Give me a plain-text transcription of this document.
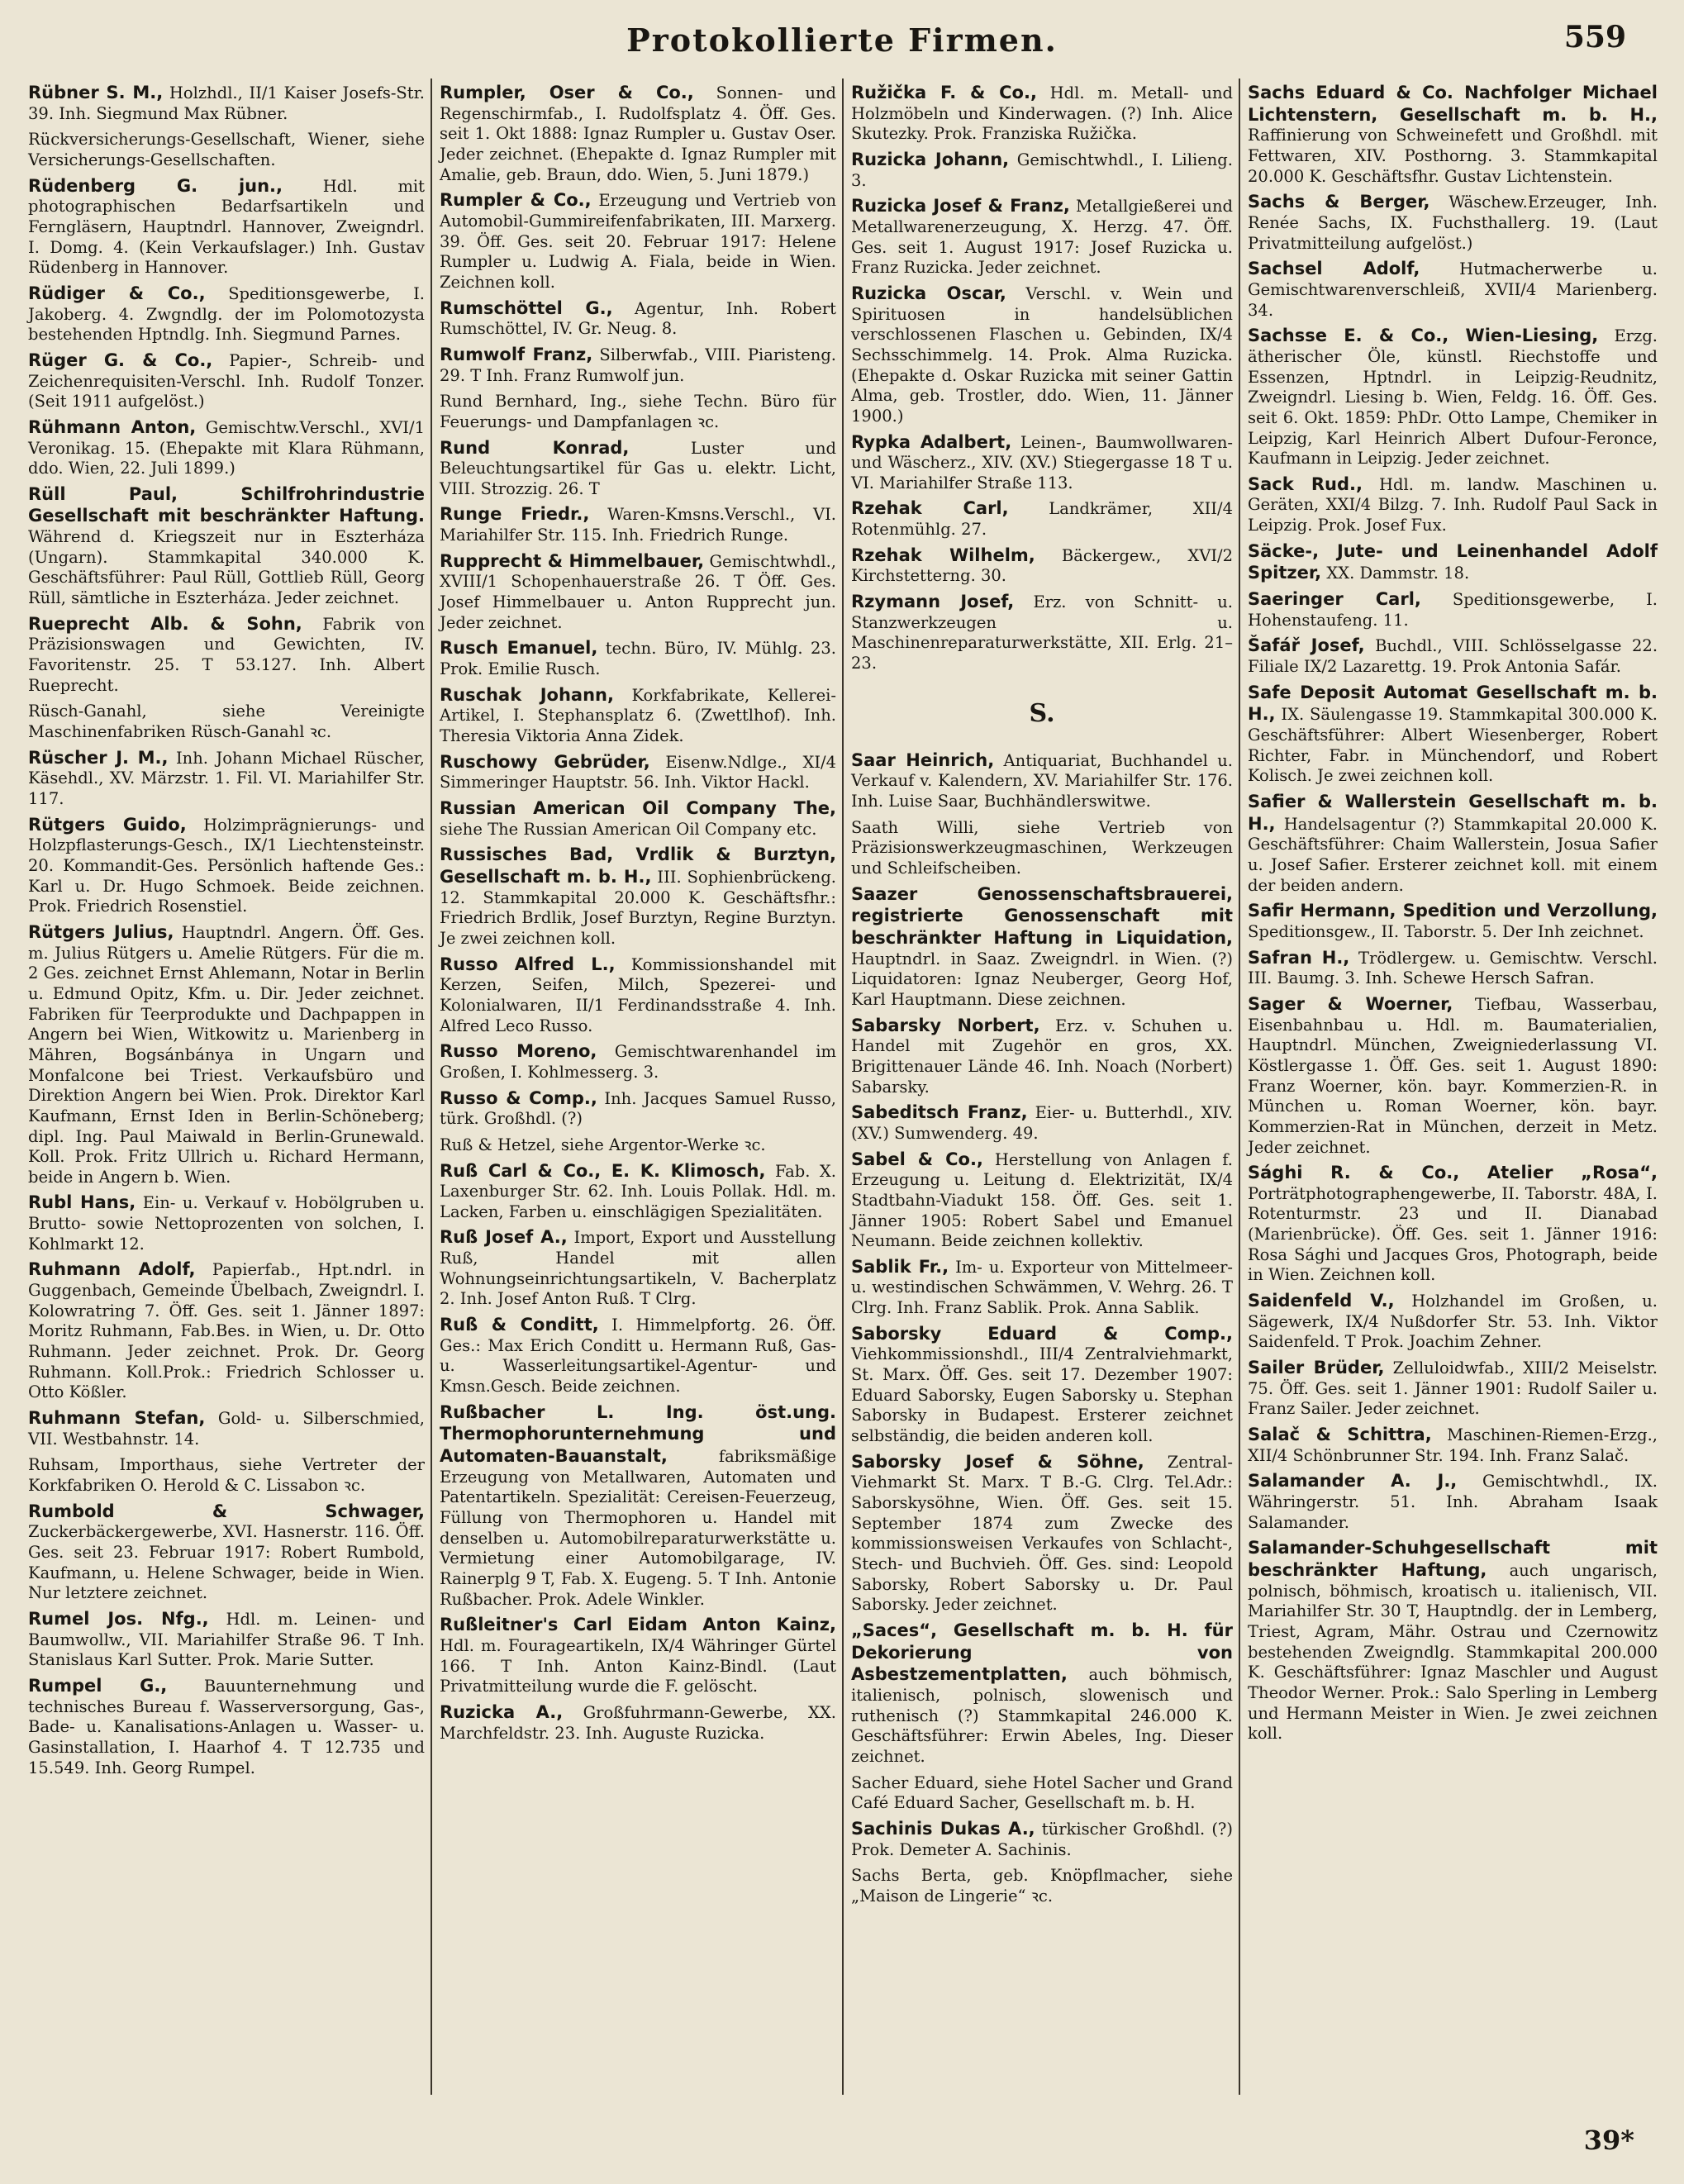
Protokollierte Firmen.	559

Rübner S. M., Holzhdl., II/1 Kaiser Josefs-Str. 39. Inh. Siegmund Max Rübner.

Rückversicherungs-Gesellschaft, Wiener, siehe Versicherungs-Gesellschaften.

Rüdenberg G. jun.,	Hdl. mit photographischen Bedarfsartikeln und Ferngläsern, Hauptndrl. Hannover, Zweigndrl. I. Domg. 4. (Kein Verkaufslager.) Inh. Gustav Rüdenberg in Hannover.

Rüdiger & Co., Speditionsgewerbe, I. Jakoberg. 4. Zwgndlg. der im Polomotozysta bestehenden Hptndlg. Inh. Siegmund Parnes.

Rüger G. & Co., Papier-, Schreib- und Zeichenrequisiten-Verschl. Inh. Rudolf Tonzer. (Seit 1911 aufgelöst.)

Rühmann Anton, Gemischtw.Verschl., XVI/1 Veronikag. 15. (Ehepakte mit Klara Rühmann, ddo. Wien, 22. Juli 1899.)

Rüll Paul, Schilfrohrindustrie Gesellschaft mit beschränkter Haftung. Während d. Kriegszeit nur in Eszterháza (Ungarn). Stammkapital 340.000 K. Geschäftsführer: Paul Rüll, Gottlieb Rüll, Georg Rüll, sämtliche in Eszterháza. Jeder zeichnet.

Rueprecht Alb. & Sohn, Fabrik von Präzisionswagen und Gewichten, IV. Favoritenstr. 25. T 53.127. Inh. Albert Rueprecht.

Rüsch-Ganahl, siehe Vereinigte Maschinenfabriken Rüsch-Ganahl ꝛc.

Rüscher J. M., Inh. Johann Michael Rüscher, Käsehdl., XV. Märzstr. 1. Fil. VI. Mariahilfer Str. 117.

Rütgers Guido, Holzimprägnierungs- und Holzpflasterungs-Gesch., IX/1 Liechtensteinstr. 20. Kommandit-Ges. Persönlich haftende Ges.: Karl u. Dr. Hugo Schmoek. Beide zeichnen. Prok. Friedrich Rosenstiel.

Rütgers Julius, Hauptndrl. Angern. Öff. Ges. m. Julius Rütgers u. Amelie Rütgers. Für die m. 2 Ges. zeichnet Ernst Ahlemann, Notar in Berlin u. Edmund Opitz, Kfm. u. Dir. Jeder zeichnet. Fabriken für Teerprodukte und Dachpappen in Angern bei Wien, Witkowitz u. Marienberg in Mähren, Bogsánbánya in Ungarn und Monfalcone bei Triest. Verkaufsbüro und Direktion Angern bei Wien. Prok. Direktor Karl Kaufmann, Ernst Iden in Berlin-Schöneberg; dipl. Ing. Paul Maiwald in Berlin-Grunewald. Koll. Prok. Fritz Ullrich u. Richard Hermann, beide in Angern b. Wien.

Rubl Hans, Ein- u. Verkauf v. Hobölgruben u. Brutto- sowie Nettoprozenten von solchen, I. Kohlmarkt 12.

Ruhmann Adolf, Papierfab., Hpt.ndrl. in Guggenbach, Gemeinde Übelbach, Zweigndrl. I. Kolowratring 7. Öff. Ges. seit 1. Jänner 1897: Moritz Ruhmann, Fab.Bes. in Wien, u. Dr. Otto Ruhmann. Jeder zeichnet. Prok. Dr. Georg Ruhmann. Koll.Prok.: Friedrich Schlosser u. Otto Kößler.

Ruhmann Stefan, Gold- u. Silberschmied, VII. Westbahnstr. 14.

Ruhsam, Importhaus, siehe Vertreter der Korkfabriken O. Herold & C. Lissabon ꝛc.

Rumbold & Schwager, Zuckerbäckergewerbe, XVI. Hasnerstr. 116. Öff. Ges. seit 23. Februar 1917: Robert Rumbold, Kaufmann, u. Helene Schwager, beide in Wien. Nur letztere zeichnet.

Rumel Jos. Nfg., Hdl. m. Leinen- und Baumwollw., VII. Mariahilfer Straße 96. T Inh. Stanislaus Karl Sutter. Prok. Marie Sutter.

Rumpel G., Bauunternehmung und technisches Bureau f. Wasserversorgung, Gas-, Bade- u. Kanalisations-Anlagen u. Wasser- u. Gasinstallation, I. Haarhof 4. T 12.735 und 15.549. Inh. Georg Rumpel.

Rumpler, Oser & Co., Sonnen- und Regenschirmfab., I. Rudolfsplatz 4. Öff. Ges. seit 1. Okt 1888: Ignaz Rumpler u. Gustav Oser. Jeder zeichnet. (Ehepakte d. Ignaz Rumpler mit Amalie, geb. Braun, ddo. Wien, 5. Juni 1879.)

Rumpler & Co., Erzeugung und Vertrieb von Automobil-Gummireifenfabrikaten, III. Marxerg. 39. Öff. Ges. seit 20. Februar 1917: Helene Rumpler u. Ludwig A. Fiala, beide in Wien. Zeichnen koll.

Rumschöttel G., Agentur, Inh. Robert Rumschöttel, IV. Gr. Neug. 8.

Rumwolf Franz, Silberwfab., VIII. Piaristeng. 29. T Inh. Franz Rumwolf jun.

Rund Bernhard, Ing., siehe Techn. Büro für Feuerungs- und Dampfanlagen ꝛc.

Rund Konrad,	Luster und Beleuchtungsartikel für Gas u. elektr. Licht, VIII. Strozzig. 26. T

Runge Friedr., Waren-Kmsns.Verschl., VI. Mariahilfer Str. 115. Inh. Friedrich Runge.

Rupprecht & Himmelbauer, Gemischtwhdl., XVIII/1 Schopenhauerstraße 26. T Öff. Ges. Josef Himmelbauer u. Anton Rupprecht jun. Jeder zeichnet.

Rusch Emanuel, techn. Büro, IV. Mühlg. 23. Prok. Emilie Rusch.

Ruschak Johann, Korkfabrikate, Kellerei-Artikel, I. Stephansplatz 6. (Zwettlhof). Inh. Theresia Viktoria Anna Zidek.

Ruschowy Gebrüder, Eisenw.Ndlge., XI/4 Simmeringer Hauptstr. 56. Inh. Viktor Hackl.

Russian American Oil Company The, siehe The Russian American Oil Company etc.

Russisches Bad, Vrdlik & Burztyn, Gesellschaft m. b. H., III. Sophienbrückeng. 12. Stammkapital 20.000 K. Geschäftsfhr.: Friedrich Brdlik, Josef Burztyn, Regine Burztyn. Je zwei zeichnen koll.

Russo Alfred L., Kommissionshandel mit Kerzen, Seifen, Milch, Spezerei- und Kolonialwaren, II/1 Ferdinandsstraße 4. Inh. Alfred Leco Russo.

Russo Moreno, Gemischtwarenhandel im Großen, I. Kohlmesserg. 3.

Russo & Comp., Inh. Jacques Samuel Russo, türk. Großhdl. (?)

Ruß & Hetzel, siehe Argentor-Werke ꝛc.

Ruß Carl & Co., E. K. Klimosch, Fab. X. Laxenburger Str. 62. Inh. Louis Pollak. Hdl. m. Lacken, Farben u. einschlägigen Spezialitäten.

Ruß Josef A., Import, Export und Ausstellung Ruß, Handel mit allen Wohnungseinrichtungsartikeln, V. Bacherplatz 2. Inh. Josef Anton Ruß. T Clrg.

Ruß & Conditt, I. Himmelpfortg. 26. Öff. Ges.: Max Erich Conditt u. Hermann Ruß, Gas- u. Wasserleitungsartikel-Agentur- und Kmsn.Gesch. Beide zeichnen.

Rußbacher L. Ing. öst.ung. Thermophorunternehmung und Automaten-Bauanstalt,	fabriksmäßige Erzeugung von Metallwaren, Automaten und Patentartikeln. Spezialität: Cereisen-Feuerzeug, Füllung von Thermophoren u. Handel mit denselben u. Automobilreparaturwerkstätte u. Vermietung einer Automobilgarage, IV. Rainerplg 9 T, Fab. X. Eugeng. 5. T Inh. Antonie Rußbacher. Prok. Adele Winkler.

Rußleitner's Carl Eidam Anton Kainz, Hdl. m. Fourageartikeln, IX/4 Währinger Gürtel 166. T Inh. Anton Kainz-Bindl. (Laut Privatmitteilung wurde die F. gelöscht.

Ruzicka A., Großfuhrmann-Gewerbe, XX. Marchfeldstr. 23. Inh. Auguste Ruzicka.

Ružička F. & Co., Hdl. m. Metall- und Holzmöbeln und Kinderwagen. (?) Inh. Alice Skutezky. Prok. Franziska Ružička.

Ruzicka Johann, Gemischtwhdl., I. Lilieng. 3.

Ruzicka Josef & Franz, Metallgießerei und Metallwarenerzeugung, X. Herzg. 47. Öff. Ges. seit 1. August 1917: Josef Ruzicka u. Franz Ruzicka. Jeder zeichnet.

Ruzicka Oscar, Verschl. v. Wein und Spirituosen in handelsüblichen verschlossenen Flaschen u. Gebinden, IX/4 Sechsschimmelg. 14. Prok. Alma Ruzicka. (Ehepakte d. Oskar Ruzicka mit seiner Gattin Alma, geb. Trostler, ddo. Wien, 11. Jänner 1900.)

Rypka Adalbert, Leinen-, Baumwollwaren- und Wäscherz., XIV. (XV.) Stiegergasse 18 T u. VI. Mariahilfer Straße 113.

Rzehak Carl, Landkrämer, XII/4 Rotenmühlg. 27.

Rzehak Wilhelm, Bäckergew., XVI/2 Kirchstetterng. 30.

Rzymann Josef, Erz. von Schnitt- u. Stanzwerkzeugen u. Maschinenreparaturwerkstätte, XII. Erlg. 21–23.

S.

Saar Heinrich, Antiquariat, Buchhandel u. Verkauf v. Kalendern, XV. Mariahilfer Str. 176. Inh. Luise Saar, Buchhändlerswitwe.

Saath Willi, siehe Vertrieb von Präzisionswerkzeugmaschinen, Werkzeugen und Schleifscheiben.

Saazer Genossenschaftsbrauerei, registrierte Genossenschaft mit beschränkter Haftung in Liquidation, Hauptndrl. in Saaz. Zweigndrl. in Wien. (?) Liquidatoren: Ignaz Neuberger, Georg Hof, Karl Hauptmann. Diese zeichnen.

Sabarsky Norbert, Erz. v. Schuhen u. Handel mit Zugehör en gros, XX. Brigittenauer Lände 46. Inh. Noach (Norbert) Sabarsky.

Sabeditsch Franz, Eier- u. Butterhdl., XIV. (XV.) Sumwenderg. 49.

Sabel & Co., Herstellung von Anlagen f. Erzeugung u. Leitung d. Elektrizität, IX/4 Stadtbahn-Viadukt 158. Öff. Ges. seit 1. Jänner 1905: Robert Sabel und Emanuel Neumann. Beide zeichnen kollektiv.

Sablik Fr., Im- u. Exporteur von Mittelmeer- u. westindischen Schwämmen, V. Wehrg. 26. T Clrg. Inh. Franz Sablik. Prok. Anna Sablik.

Saborsky Eduard & Comp., Viehkommissionshdl., III/4 Zentralviehmarkt, St. Marx. Öff. Ges. seit 17. Dezember 1907: Eduard Saborsky, Eugen Saborsky u. Stephan Saborsky in Budapest. Ersterer zeichnet selbständig, die beiden anderen koll.

Saborsky Josef & Söhne, Zentral-Viehmarkt St. Marx. T B.-G. Clrg. Tel.Adr.: Saborskysöhne, Wien. Öff. Ges. seit 15. September 1874 zum Zwecke des kommissionsweisen Verkaufes von Schlacht-, Stech- und Buchvieh. Öff. Ges. sind: Leopold Saborsky, Robert Saborsky u. Dr. Paul Saborsky. Jeder zeichnet.

„Saces“, Gesellschaft m. b. H. für Dekorierung von Asbestzementplatten, auch böhmisch, italienisch, polnisch, slowenisch und ruthenisch (?) Stammkapital 246.000 K. Geschäftsführer: Erwin Abeles, Ing. Dieser zeichnet.

Sacher Eduard, siehe Hotel Sacher und Grand Café Eduard Sacher, Gesellschaft m. b. H.

Sachinis Dukas A., türkischer Großhdl. (?) Prok. Demeter A. Sachinis.

Sachs Berta, geb. Knöpflmacher, siehe „Maison de Lingerie“ ꝛc.

Sachs Eduard & Co. Nachfolger Michael Lichtenstern, Gesellschaft m. b. H., Raffinierung von Schweinefett und Großhdl. mit Fettwaren, XIV. Posthorng. 3. Stammkapital 20.000 K. Geschäftsfhr. Gustav Lichtenstein.

Sachs & Berger, Wäschew.Erzeuger, Inh. Renée Sachs, IX. Fuchsthallerg. 19. (Laut Privatmitteilung aufgelöst.)

Sachsel Adolf, Hutmacherwerbe u. Gemischtwarenverschleiß, XVII/4 Marienberg. 34.

Sachsse E. & Co., Wien-Liesing, Erzg. ätherischer Öle, künstl. Riechstoffe und Essenzen, Hptndrl. in Leipzig-Reudnitz, Zweigndrl. Liesing b. Wien, Feldg. 16. Öff. Ges. seit 6. Okt. 1859: PhDr. Otto Lampe, Chemiker in Leipzig, Karl Heinrich Albert Dufour-Feronce, Kaufmann in Leipzig. Jeder zeichnet.

Sack Rud., Hdl. m. landw. Maschinen u. Geräten, XXI/4 Bilzg. 7. Inh. Rudolf Paul Sack in Leipzig. Prok. Josef Fux.

Säcke-, Jute- und Leinenhandel Adolf Spitzer, XX. Dammstr. 18.

Saeringer Carl, Speditionsgewerbe, I. Hohenstaufeng. 11.

Šafář Josef, Buchdl., VIII. Schlösselgasse 22. Filiale IX/2 Lazarettg. 19. Prok Antonia Safár.

Safe Deposit Automat Gesellschaft m. b. H., IX. Säulengasse 19. Stammkapital 300.000 K. Geschäftsführer: Albert Wiesenberger, Robert Richter, Fabr. in Münchendorf, und Robert Kolisch. Je zwei zeichnen koll.

Safier & Wallerstein Gesellschaft m. b. H., Handelsagentur (?) Stammkapital 20.000 K. Geschäftsführer: Chaim Wallerstein, Josua Safier u. Josef Safier. Ersterer zeichnet koll. mit einem der beiden andern.

Safir Hermann, Spedition und Verzollung, Speditionsgew., II. Taborstr. 5. Der Inh zeichnet.

Safran H., Trödlergew. u. Gemischtw. Verschl. III. Baumg. 3. Inh. Schewe Hersch Safran.

Sager & Woerner, Tiefbau, Wasserbau, Eisenbahnbau u. Hdl. m. Baumaterialien, Hauptndrl. München, Zweigniederlassung VI. Köstlergasse 1. Öff. Ges. seit 1. August 1890: Franz Woerner, kön. bayr. Kommerzien-R. in München u. Roman Woerner, kön. bayr. Kommerzien-Rat in München, derzeit in Metz. Jeder zeichnet.

Sághi R. & Co., Atelier „Rosa“, Porträtphotographengewerbe, II. Taborstr. 48A, I. Rotenturmstr. 23 und II. Dianabad (Marienbrücke). Öff. Ges. seit 1. Jänner 1916: Rosa Sághi und Jacques Gros, Photograph, beide in Wien. Zeichnen koll.

Saidenfeld V., Holzhandel im Großen, u. Sägewerk, IX/4 Nußdorfer Str. 53. Inh. Viktor Saidenfeld. T Prok. Joachim Zehner.

Sailer Brüder, Zelluloidwfab., XIII/2 Meiselstr. 75. Öff. Ges. seit 1. Jänner 1901: Rudolf Sailer u. Franz Sailer. Jeder zeichnet.

Salač & Schittra, Maschinen-Riemen-Erzg., XII/4 Schönbrunner Str. 194. Inh. Franz Salač.

Salamander A. J., Gemischtwhdl., IX. Währingerstr. 51. Inh. Abraham Isaak Salamander.

Salamander-Schuhgesellschaft mit beschränkter Haftung, auch ungarisch, polnisch, böhmisch, kroatisch u. italienisch, VII. Mariahilfer Str. 30 T, Hauptndlg. der in Lemberg, Triest, Agram, Mähr. Ostrau und Czernowitz bestehenden Zweigndlg. Stammkapital 200.000 K. Geschäftsführer: Ignaz Maschler und August Theodor Werner. Prok.: Salo Sperling in Lemberg und Hermann Meister in Wien. Je zwei zeichnen koll.

39*
